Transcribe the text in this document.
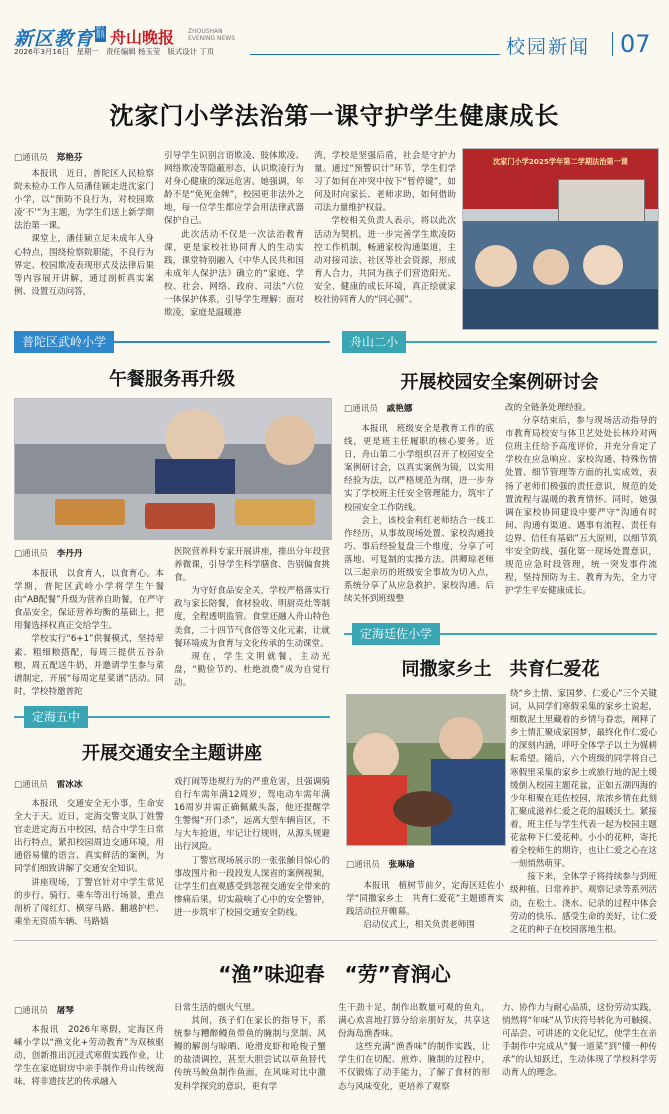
新区教育 新区教育周刊 舟山晚报 ZHOUSHAN EVENING NEWS
2026年3月16日　星期一　责任编辑 杨玉莹　版式设计 丁页	校园新闻 07
沈家门小学法治第一课守护学生健康成长
□通讯员 郑艳芬

本报讯　近日，普陀区人民检察院未检办工作人员潘佳颖走进沈家门小学，以“预防不良行为，对校园欺凌‘不’”为主题，为学生们送上新学期法治第一课。

课堂上，潘佳颖立足未成年人身心特点，围绕检察院职能，不良行为界定、校园欺凌表现形式及法律后果等内容展开讲解，通过剖析真实案例、设置互动问答，

引导学生识别言语欺凌、肢体欺凌、网络欺凌等隐蔽形态，认识欺凌行为对身心健康的深远危害。她强调，年龄不是“免死金牌”，校园更非法外之地，每一位学生都应学会用法律武器保护自己。

此次活动不仅是一次法治教育课，更是家校社协同育人的生动实践，课堂特别融入《中华人民共和国未成年人保护法》确立的“家庭、学校、社会、网络、政府、司法”六位一体保护体系，引导学生理解：面对欺凌，家庭是温暖港

湾，学校是坚强后盾，社会是守护力量。通过“预警识计”环节，学生们学习了如何在冲突中按下“暂停键”，如何及时向家长、老师求助，如何借助司法力量维护权益。

学校相关负责人表示，将以此次活动为契机，进一步完善学生欺凌防控工作机制，畅通家校沟通渠道，主动对接司法、社区等社会资源，形成育人合力，共同为孩子们营造阳光、安全、健康的成长环境，真正绘就家校社协同育人的“同心圆”。

沈家门小学2025学年第二学期法治第一课
普陀区武岭小学
午餐服务再升级
□通讯员 李丹丹

本报讯　以食育人，以食育心。本学期，普陀区武岭小学将学生午餐由“AB配餐”升级为营养自助餐，在严守食品安全，保证营养均衡的基础上，把用餐选择权真正交给学生。

学校实行“6+1”供餐模式，坚持荤素、粗细粮搭配，每周三提供五谷杂粮，周五配送牛奶，并邀请学生参与菜谱制定，开展“每周定星菜谱”活动。同时，学校特邀普陀

医院营养科专家开展讲座，推出分年段营养微课，引导学生科学膳食、告别偏食挑食。

为守好食品安全关，学校严格落实行政与家长陪餐，食材验收、明厨亮灶等制度，全程透明监管。食堂还融入舟山特色美食，二十四节气食俗等文化元素，让就餐环境成为食育与文化传承的生动课堂。

现在，学生文明就餐，主动光盘，“勤俭节约、杜绝浪费”成为自觉行动。

定海五中
开展交通安全主题讲座
□通讯员 雷冰冰

本报讯　交通安全无小事，生命安全大于天。近日，定海交警支队丁姓警官走进定海五中校园，结合中学生日常出行特点，紧扣校园周边交通环境，用通俗易懂的语言、真实鲜活的案例，为同学们细致讲解了交通安全知识。

讲座现场，丁警官针对中学生常见的步行、骑行、乘车等出行场景，重点剖析了闯红灯、横穿马路、翻越护栏、乘坐无资质车辆、马路嬉

戏打闹等违规行为的严重危害，且强调骑自行车需年满12周岁，驾电动车需年满16周岁并需正确佩戴头盔，他还提醒学生警惕“开门杀”，远离大型车辆盲区，不与大车抢道，牢记让行规则，从源头规避出行风险。

丁警官现场展示的一张张触目惊心的事故图片和一段段发人深省的案例视频，让学生们直观感受到忽视交通安全带来的惨痛后果，切实敲响了心中的安全警钟，进一步筑牢了校园交通安全防线。

舟山二小
开展校园安全案例研讨会
□通讯员 戚艳娜

本报讯　班级安全是教育工作的底线，更是班主任履职的核心要务。近日，舟山第二小学组织召开了校园安全案例研讨会，以真实案例为镜，以实用经验为法，以严格规范为纲，进一步夯实了学校班主任安全管理能力，筑牢了校园安全工作防线。

会上，该校金利红老师结合一线工作经历，从事故现场处置、家校沟通技巧、事后经验复盘三个维度，分享了可落地、可复制的实操方法。洪卿琼老师以三起亲历的班级安全事故为切入点，系统分享了从应急救护、家校沟通、后续关怀到班级整

改的全链条处理经验。

分享结束后，参与现场活动指导的市教育局校安与体卫艺处处长林玲对两位班主任给予高度评价，并充分肯定了学校在应急响应、家校沟通、特殊伤情处置、细节管理等方面的扎实成效，表扬了老师们极强的责任意识，规范的处置流程与温暖的教育情怀。同时，她强调在家校协同建设中要严守“沟通有时间、沟通有渠道、遇事有流程、责任有边界、信任有基础”五大原则，以细节筑牢安全防线，强化第一现场处置意识，规范应急时段管理，统一突发事件流程，坚持预防为主、教育为先，全力守护学生平安健康成长。

定海廷佐小学
同撒家乡土　共育仁爱花
□通讯员 张琳瑜

本报讯　植树节前夕，定海区廷佐小学“同撒家乡土　共育仁爱花”主题德育实践活动拉开帷幕。

启动仪式上，相关负责老师围

绕“乡土情、家国梦、仁爱心”三个关键词，从同学们寒假采集的家乡土说起，细数泥土里藏着的乡情与眷恋，阐释了乡土情汇聚成家国梦，最终化作仁爱心的深刻内涵，呼吁全体学子以土为媒耕耘希望。随后，六个班级的同学将自己寒假里采集的家乡土或旅行地的泥土缓缓倒入校园主题花盆，正如五湖四海的少年相聚在廷佐校园，浓浓乡情在此刻汇聚成滋养仁爱之花的温暖沃土。紧接着，班主任与学生代表一起为校园主题花盆种下仁爱花种。小小的花种，寄托着全校师生的期许，也让仁爱之心在这一刻悄然萌芽。

接下来，全体学子将持续参与到班级种植、日常养护、观察记录等系列活动，在松土、浇水、记录的过程中体会劳动的快乐、感受生命的美好，让仁爱之花的种子在校园落地生根。

“渔”味迎春　“劳”育润心
□通讯员 屠琴

本报讯　2026年寒假，定海区舟嵊小学以“渔文化+劳动教育”为双核驱动，创新推出沉浸式寒假实践作业，让学生在家庭厨房中亲手制作舟山传统海味，将非遗技艺的传承融入

日常生活的烟火气里。

其间，孩子们在家长的指导下，系统参与糟醉鳗鱼带鱼的腌制与烹制、风鳗的解剖与晾晒、呛滑皮虾和呛梭子蟹的盐渍调控，甚至大胆尝试以草鱼替代传统马鲛鱼制作鱼面，在风味对比中激发科学探究的意识，更有学

生干劲十足，制作出数量可观的鱼丸，满心欢喜地打算分给亲朋好友，共享这份海岛渔香味。

这些充满“渔香味”的制作实践，让学生们在切配、煎炸、腌制的过程中，不仅锻炼了动手能力，了解了食材的形态与风味变化，更培养了观察

力、协作力与耐心品质，这份劳动实践，悄然将“年味”从节庆符号转化为可触摸、可品尝、可讲述的文化记忆，使学生在亲手制作中完成从“餐一道菜”到“懂一种传承”的认知跃迁，生动体现了学校科学劳动育人的理念。
